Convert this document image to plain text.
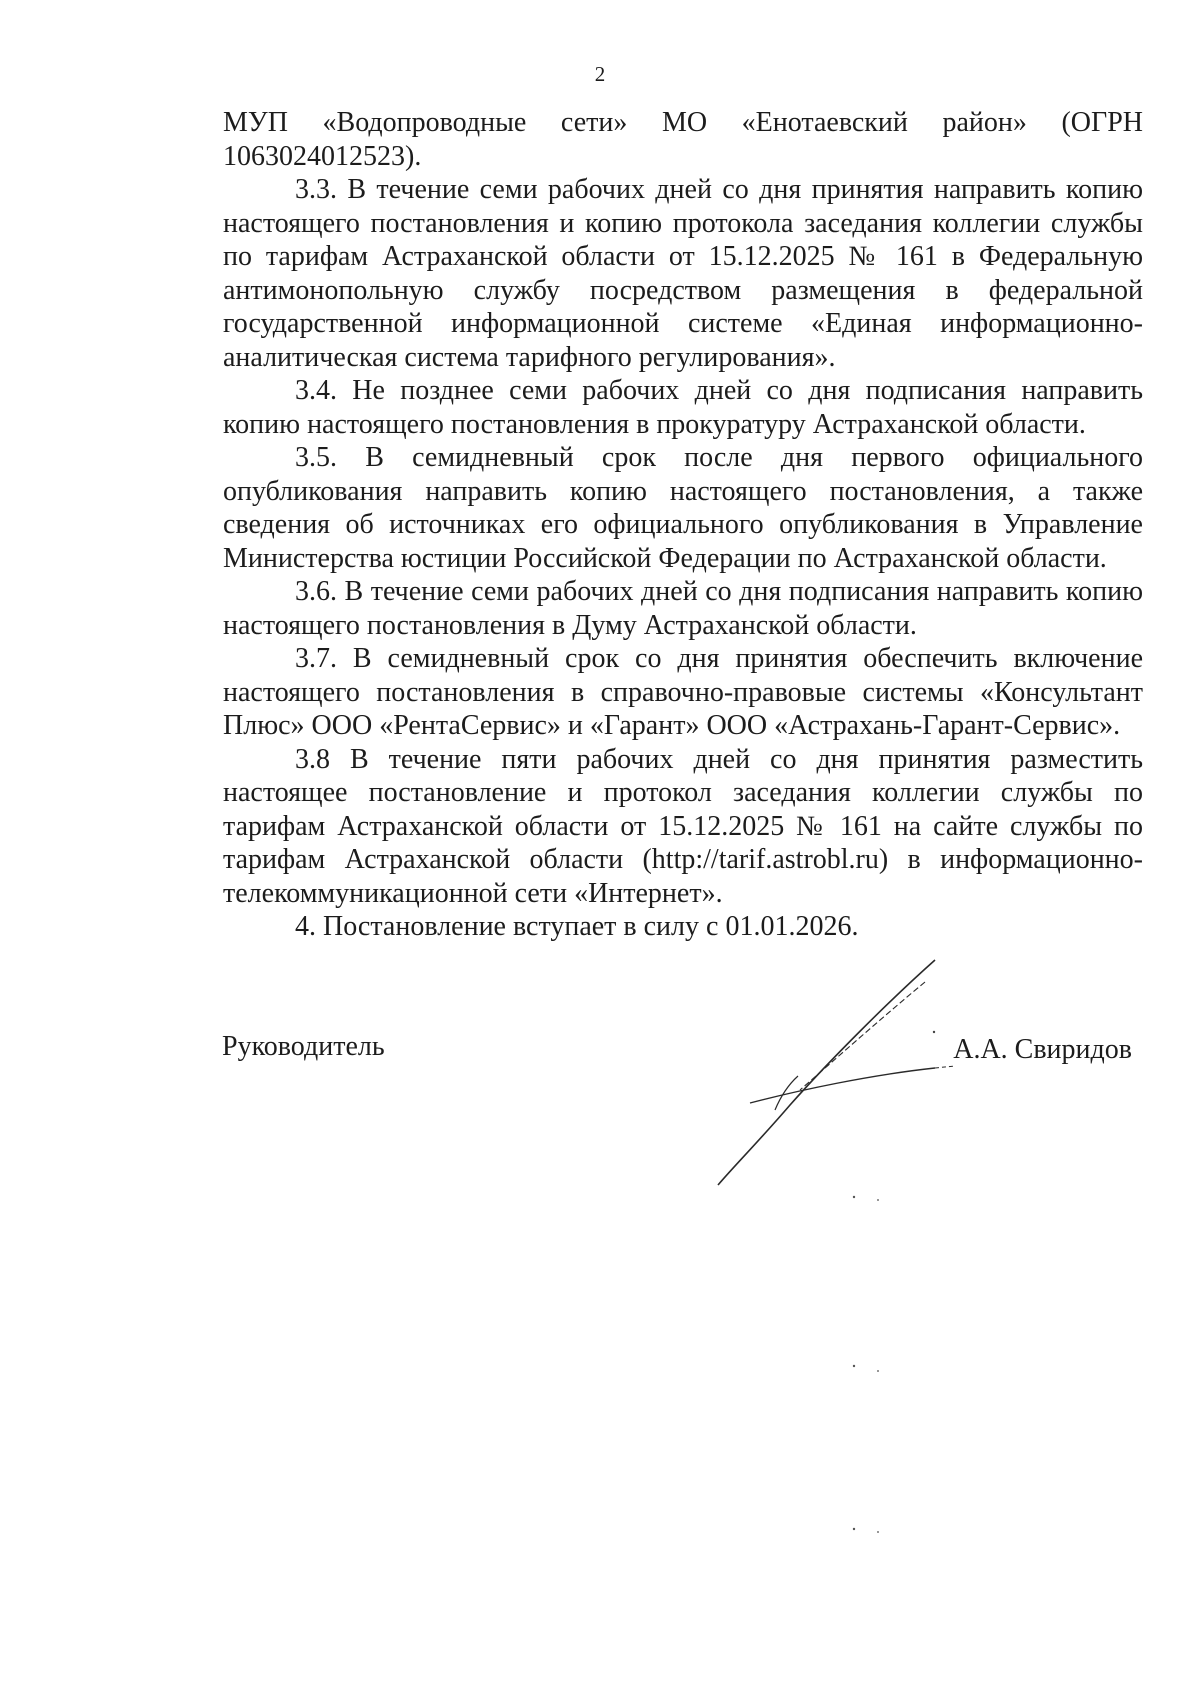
2

МУП «Водопроводные сети» МО «Енотаевский район» (ОГРН 1063024012523).

3.3. В течение семи рабочих дней со дня принятия направить копию настоящего постановления и копию протокола заседания коллегии службы по тарифам Астраханской области от 15.12.2025 № 161 в Федеральную антимонопольную службу посредством размещения в федеральной государственной информационной системе «Единая информационно-аналитическая система тарифного регулирования».

3.4. Не позднее семи рабочих дней со дня подписания направить копию настоящего постановления в прокуратуру Астраханской области.

3.5. В семидневный срок после дня первого официального опубликования направить копию настоящего постановления, а также сведения об источниках его официального опубликования в Управление Министерства юстиции Российской Федерации по Астраханской области.

3.6. В течение семи рабочих дней со дня подписания направить копию настоящего постановления в Думу Астраханской области.

3.7. В семидневный срок со дня принятия обеспечить включение настоящего постановления в справочно-правовые системы «Консультант Плюс» ООО «РентаСервис» и «Гарант» ООО «Астрахань-Гарант-Сервис».

3.8 В течение пяти рабочих дней со дня принятия разместить настоящее постановление и протокол заседания коллегии службы по тарифам Астраханской области от 15.12.2025 № 161 на сайте службы по тарифам Астраханской области (http://tarif.astrobl.ru) в информационно-телекоммуникационной сети «Интернет».

4. Постановление вступает в силу с 01.01.2026.

Руководитель	А.А. Свиридов
